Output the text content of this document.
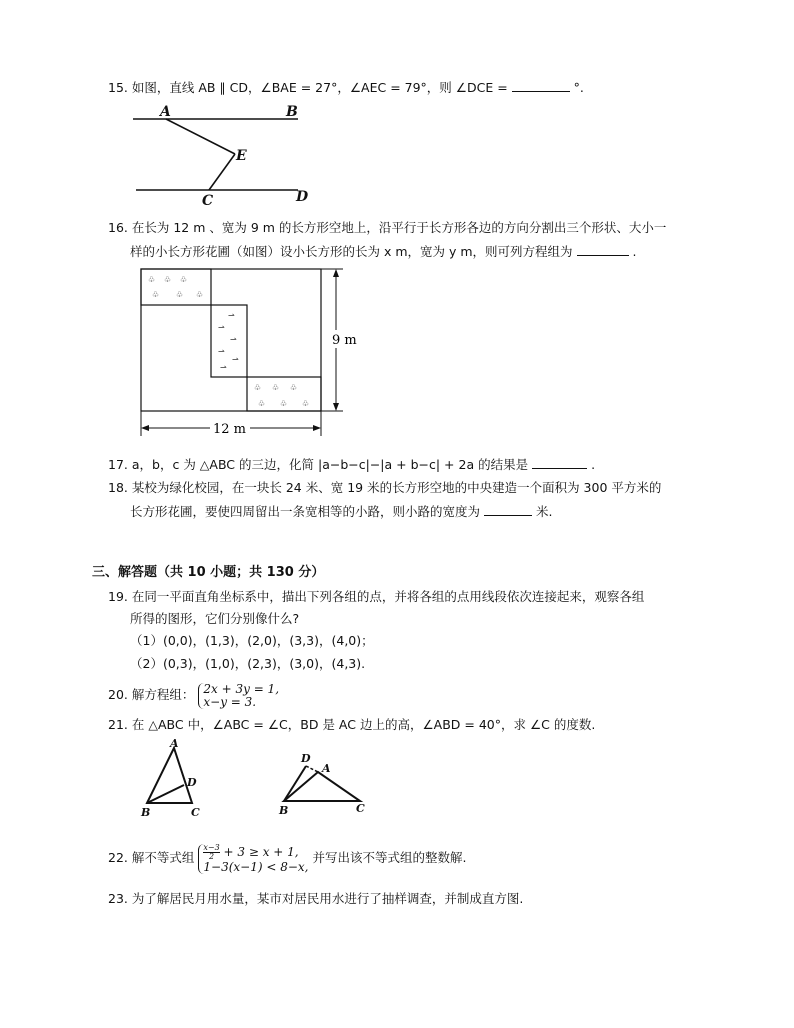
15. 如图，直线 AB ∥ CD，∠BAE = 27°，∠AEC = 79°，则 ∠DCE =	°.
A	B
E
C	D
16. 在长为 12 m 、宽为 9 m 的长方形空地上，沿平行于长方形各边的方向分割出三个形状、大小一
样的小长方形花圃（如图）设小长方形的长为 x m，宽为 y m，则可列方程组为	.
♧ ♧ ♧
♧ ♧ ♧
⇀
⇀
⇀
⇀
⇀
⇀
♧ ♧ ♧
♧ ♧ ♧
9 m
12 m
17. a，b，c 为 △ABC 的三边，化简 |a−b−c|−|a + b−c| + 2a 的结果是	.
18. 某校为绿化校园，在一块长 24 米、宽 19 米的长方形空地的中央建造一个面积为 300 平方米的
长方形花圃，要使四周留出一条宽相等的小路，则小路的宽度为	米.
三、解答题（共 10 小题；共 130 分）
19. 在同一平面直角坐标系中，描出下列各组的点，并将各组的点用线段依次连接起来，观察各组
所得的图形，它们分别像什么?
（1）(0,0)，(1,3)，(2,0)，(3,3)，(4,0)；
（2）(0,3)，(1,0)，(2,3)，(3,0)，(4,3).
20. 解方程组： 2x + 3y = 1,
x−y = 3.
21. 在 △ABC 中，∠ABC = ∠C，BD 是 AC 边上的高，∠ABD = 40°，求 ∠C 的度数.
A
D
B	C
D
A
B	C
22. 解不等式组 $\frac{x-3}{2} + 3 \ge x + 1$,
1−3(x−1) < 8−x,
并写出该不等式组的整数解.
23. 为了解居民月用水量，某市对居民用水进行了抽样调查，并制成直方图.
